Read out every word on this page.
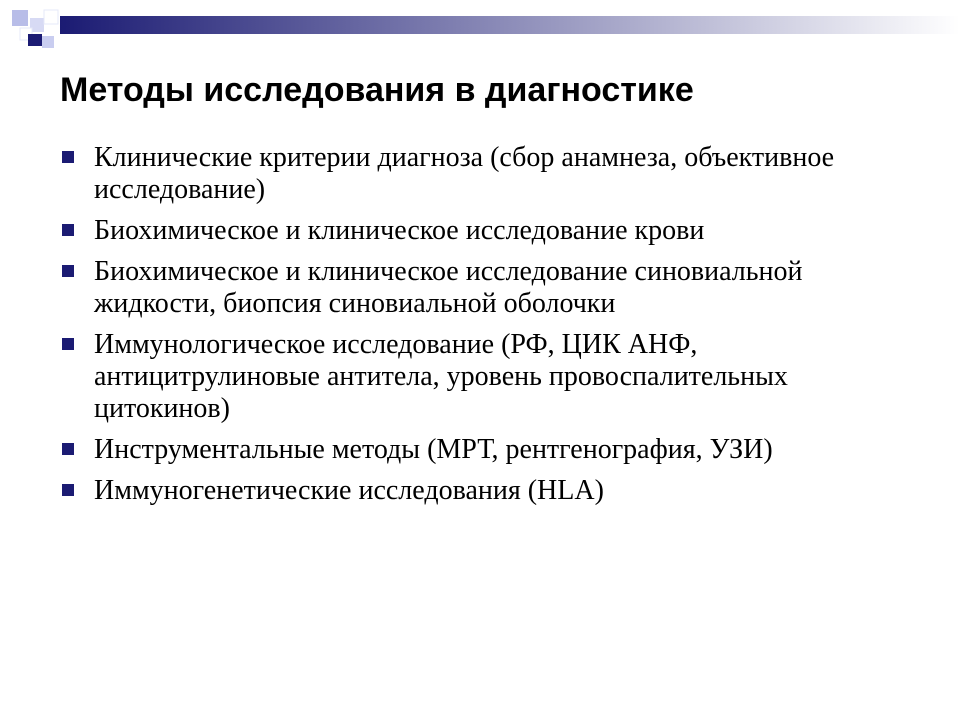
Методы исследования в диагностике
Клинические критерии диагноза (сбор анамнеза, объективное исследование)
Биохимическое и клиническое исследование крови
Биохимическое и клиническое исследование синовиальной жидкости, биопсия синовиальной оболочки
Иммунологическое исследование (РФ, ЦИК АНФ, антицитрулиновые антитела, уровень провоспалительных цитокинов)
Инструментальные методы (МРТ, рентгенография, УЗИ)
Иммуногенетические исследования (HLA)
